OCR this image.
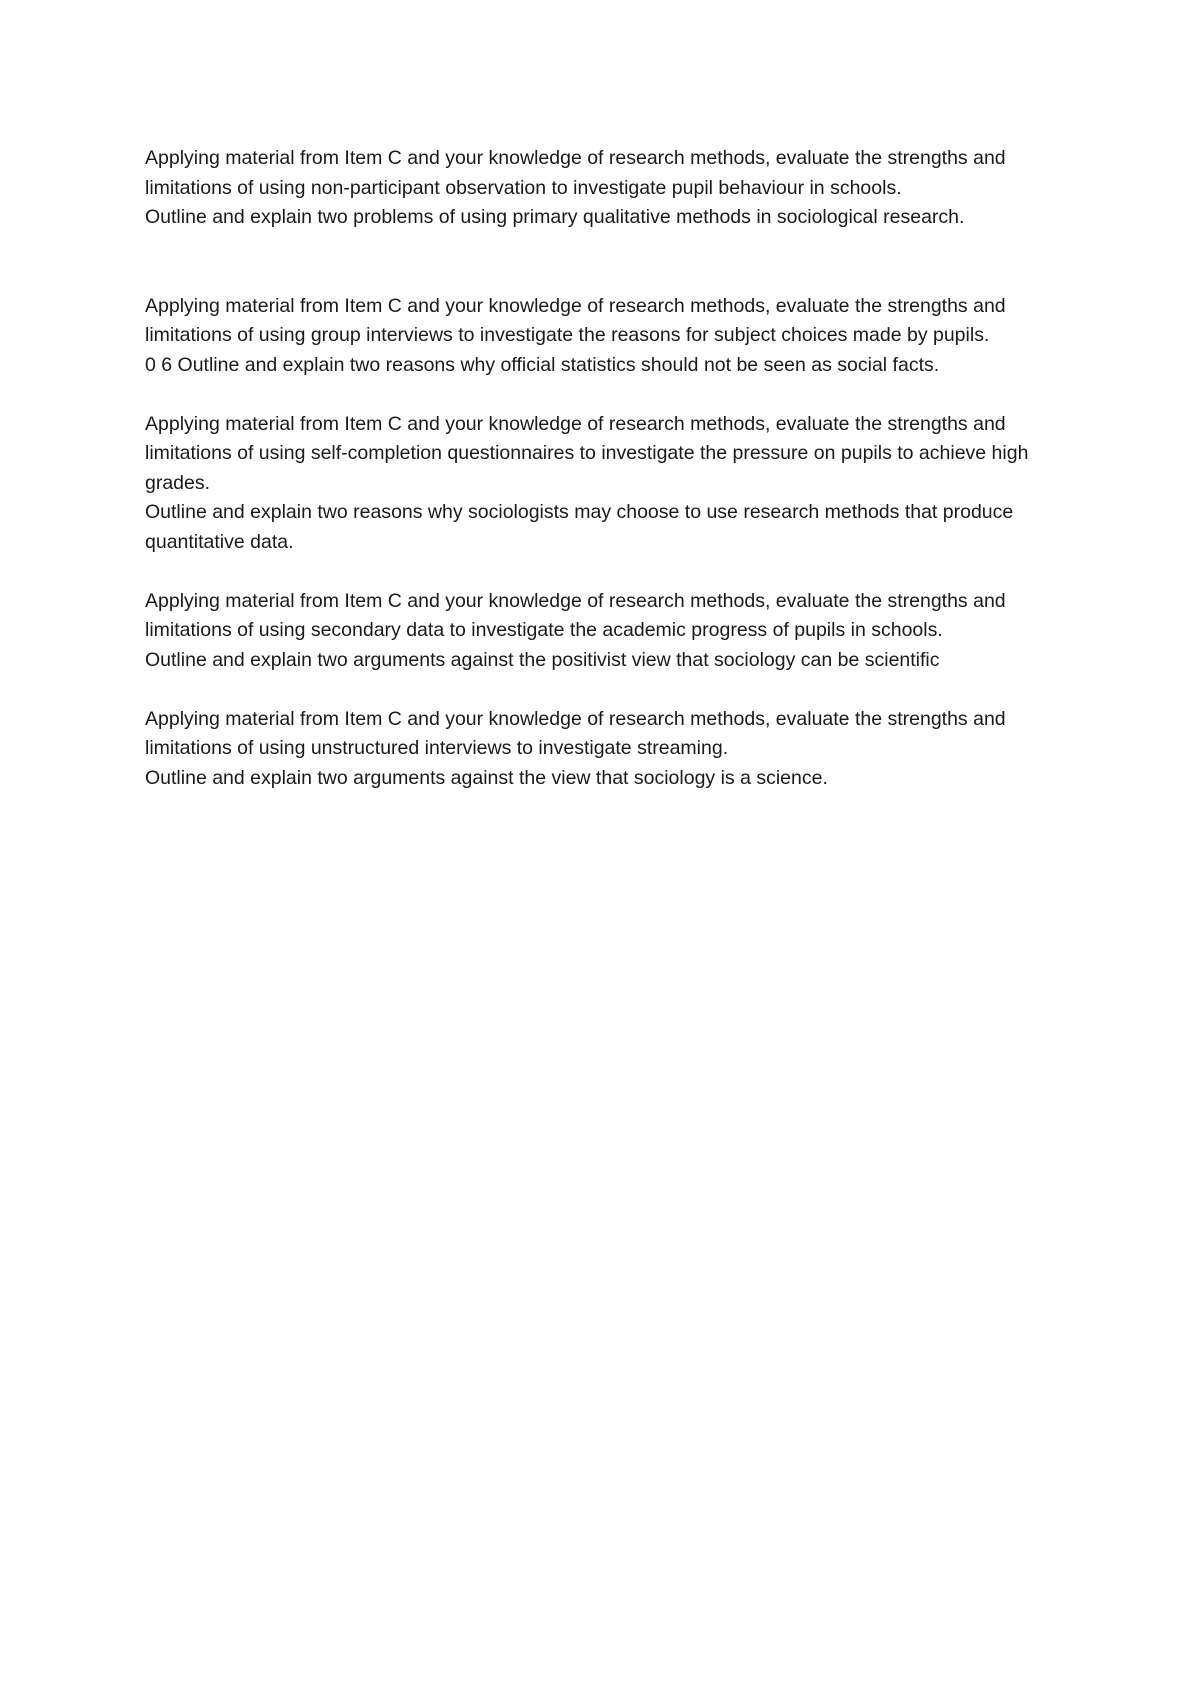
Applying material from Item C and your knowledge of research methods, evaluate the strengths and limitations of using non-participant observation to investigate pupil behaviour in schools.

Outline and explain two problems of using primary qualitative methods in sociological research.

Applying material from Item C and your knowledge of research methods, evaluate the strengths and limitations of using group interviews to investigate the reasons for subject choices made by pupils.

0 6 Outline and explain two reasons why official statistics should not be seen as social facts.

Applying material from Item C and your knowledge of research methods, evaluate the strengths and limitations of using self-completion questionnaires to investigate the pressure on pupils to achieve high grades.

Outline and explain two reasons why sociologists may choose to use research methods that produce quantitative data.

Applying material from Item C and your knowledge of research methods, evaluate the strengths and limitations of using secondary data to investigate the academic progress of pupils in schools.

Outline and explain two arguments against the positivist view that sociology can be scientific

Applying material from Item C and your knowledge of research methods, evaluate the strengths and limitations of using unstructured interviews to investigate streaming.

Outline and explain two arguments against the view that sociology is a science.
